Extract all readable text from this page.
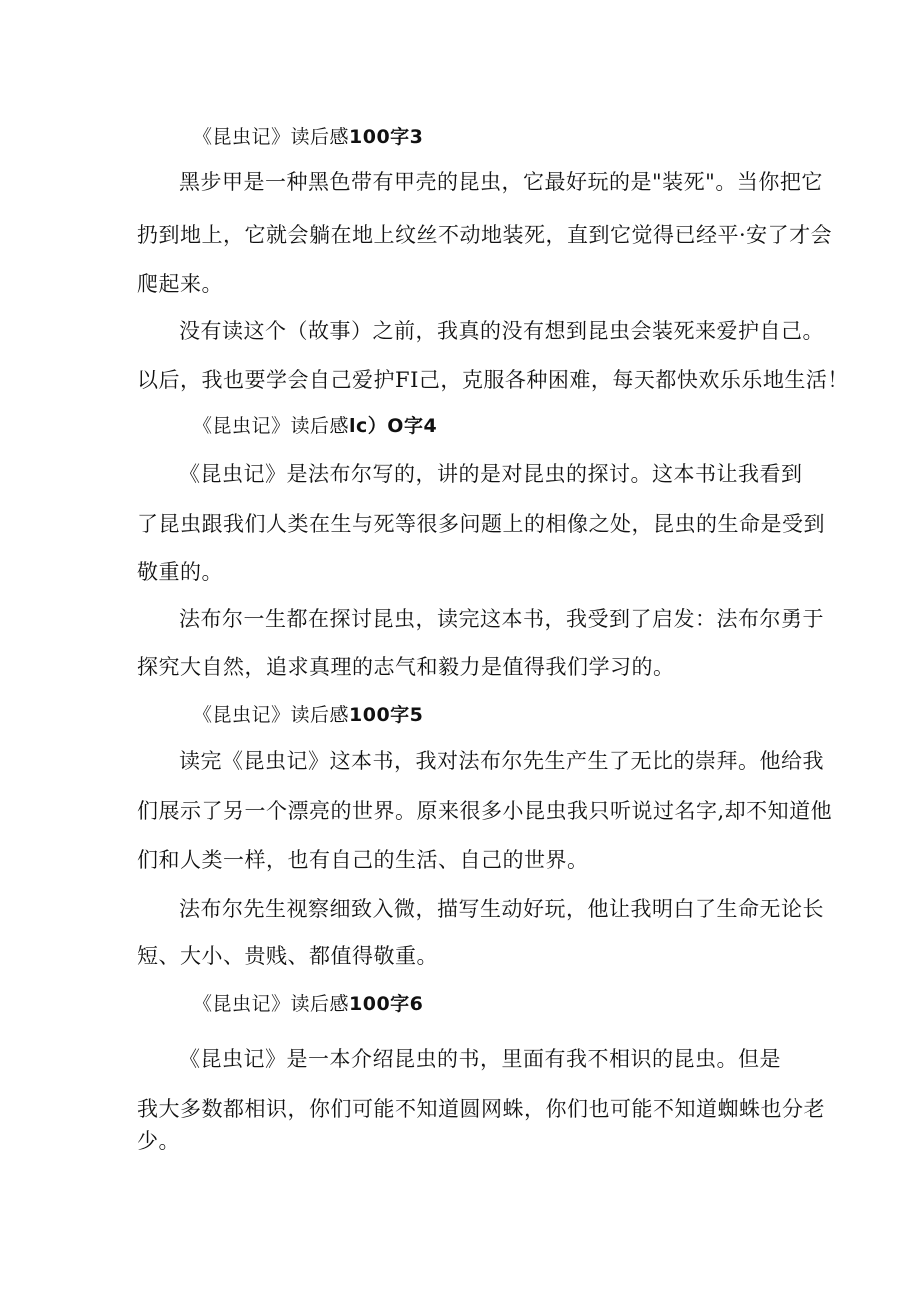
《昆虫记》读后感100字3
黑步甲是一种黑色带有甲壳的昆虫，它最好玩的是"装死"。当你把它
扔到地上，它就会躺在地上纹丝不动地装死，直到它觉得已经平·安了才会
爬起来。
没有读这个（故事）之前，我真的没有想到昆虫会装死来爱护自己。
以后，我也要学会自己爱护FI己，克服各种困难，每天都快欢乐乐地生活！
《昆虫记》读后感lc）O字4
《昆虫记》是法布尔写的，讲的是对昆虫的探讨。这本书让我看到
了昆虫跟我们人类在生与死等很多问题上的相像之处，昆虫的生命是受到
敬重的。
法布尔一生都在探讨昆虫，读完这本书，我受到了启发：法布尔勇于
探究大自然，追求真理的志气和毅力是值得我们学习的。
《昆虫记》读后感100字5
读完《昆虫记》这本书，我对法布尔先生产生了无比的崇拜。他给我
们展示了另一个漂亮的世界。原来很多小昆虫我只听说过名字,却不知道他
们和人类一样，也有自己的生活、自己的世界。
法布尔先生视察细致入微，描写生动好玩，他让我明白了生命无论长
短、大小、贵贱、都值得敬重。
《昆虫记》读后感100字6
《昆虫记》是一本介绍昆虫的书，里面有我不相识的昆虫。但是
我大多数都相识，你们可能不知道圆网蛛，你们也可能不知道蜘蛛也分老
少。
